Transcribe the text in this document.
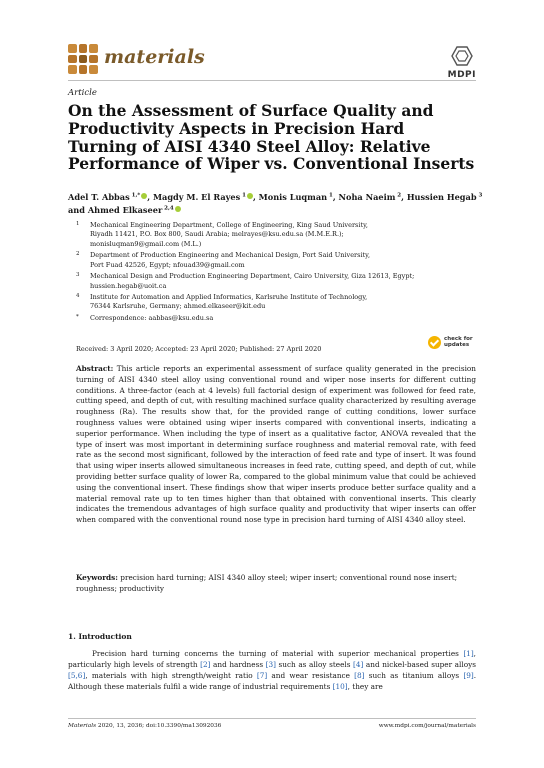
materials
MDPI
Article
On the Assessment of Surface Quality and Productivity Aspects in Precision Hard Turning of AISI 4340 Steel Alloy: Relative Performance of Wiper vs. Conventional Inserts
Adel T. Abbas $^{1,*}$ , Magdy M. El Rayes $^1$ , Monis Luqman $^1$, Noha Naeim $^2$, Hussien Hegab $^3$
and Ahmed Elkaseer $^{2,4}$
1	Mechanical Engineering Department, College of Engineering, King Saud University,
Riyadh 11421, P.O. Box 800, Saudi Arabia; melrayes@ksu.edu.sa (M.M.E.R.);
monisluqman9@gmail.com (M.L.)
2	Department of Production Engineering and Mechanical Design, Port Said University,
Port Fuad 42526, Egypt; nfouad39@gmail.com
3	Mechanical Design and Production Engineering Department, Cairo University, Giza 12613, Egypt;
hussien.hegab@uoit.ca
4	Institute for Automation and Applied Informatics, Karlsruhe Institute of Technology,
76344 Karlsruhe, Germany; ahmed.elkaseer@kit.edu
*	Correspondence: aabbas@ksu.edu.sa
Received: 3 April 2020; Accepted: 23 April 2020; Published: 27 April 2020
check for
updates

Abstract: This article reports an experimental assessment of surface quality generated in the precision turning of AISI 4340 steel alloy using conventional round and wiper nose inserts for different cutting conditions. A three-factor (each at 4 levels) full factorial design of experiment was followed for feed rate, cutting speed, and depth of cut, with resulting machined surface quality characterized by resulting average roughness (Ra). The results show that, for the provided range of cutting conditions, lower surface roughness values were obtained using wiper inserts compared with conventional inserts, indicating a superior performance. When including the type of insert as a qualitative factor, ANOVA revealed that the type of insert was most important in determining surface roughness and material removal rate, with feed rate as the second most significant, followed by the interaction of feed rate and type of insert. It was found that using wiper inserts allowed simultaneous increases in feed rate, cutting speed, and depth of cut, while providing better surface quality of lower Ra, compared to the global minimum value that could be achieved using the conventional insert. These findings show that wiper inserts produce better surface quality and a material removal rate up to ten times higher than that obtained with conventional inserts. This clearly indicates the tremendous advantages of high surface quality and productivity that wiper inserts can offer when compared with the conventional round nose type in precision hard turning of AISI 4340 alloy steel.

Keywords: precision hard turning; AISI 4340 alloy steel; wiper insert; conventional round nose insert; roughness; productivity

1. Introduction

Precision hard turning concerns the turning of material with superior mechanical properties [1], particularly high levels of strength [2] and hardness [3] such as alloy steels [4] and nickel-based super alloys [5,6], materials with high strength/weight ratio [7] and wear resistance [8] such as titanium alloys [9]. Although these materials fulfil a wide range of industrial requirements [10], they are

Materials 2020, 13, 2036; doi:10.3390/ma13092036	www.mdpi.com/journal/materials
